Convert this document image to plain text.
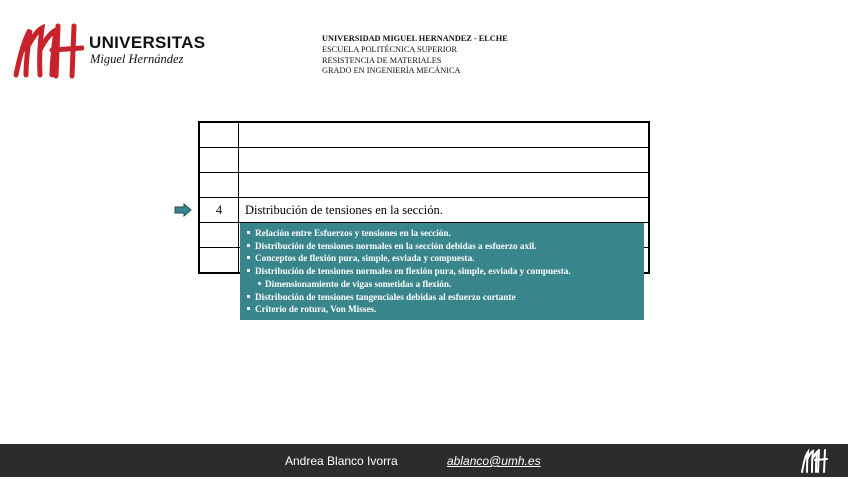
UNIVERSITAS
Miguel Hernández
UNIVERSIDAD MIGUEL HERNANDEZ - ELCHE
ESCUELA POLITÉCNICA SUPERIOR
RESISTENCIA DE MATERIALES
GRADO EN INGENIERÍA MECÁNICA

4	Distribución de tensiones en la sección.

Relación entre Esfuerzos y tensiones en la sección.
Distribución de tensiones normales en la sección debidas a esfuerzo axil.
Conceptos de flexión pura, simple, esviada y compuesta.
Distribución de tensiones normales en flexión pura, simple, esviada y compuesta.
Dimensionamiento de vigas sometidas a flexión.
Distribución de tensiones tangenciales debidas al esfuerzo cortante
Criterio de rotura, Von Misses.
Andrea Blanco Ivorra	ablanco@umh.es
